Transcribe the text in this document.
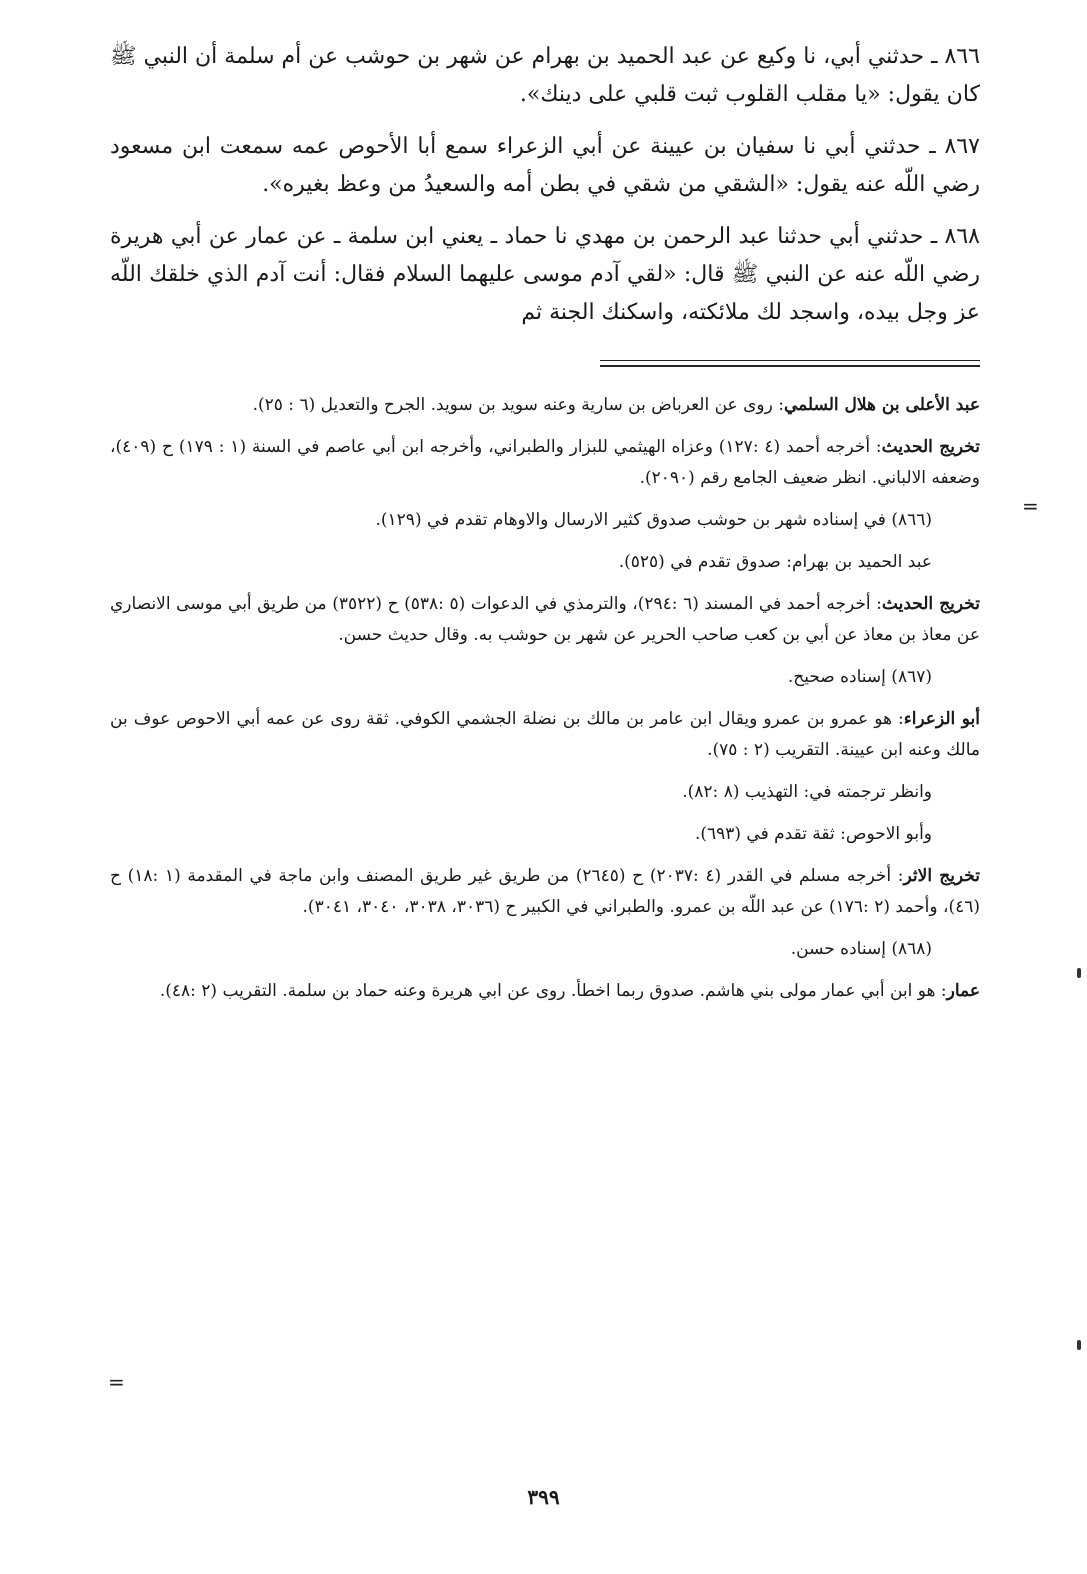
٨٦٦ ـ حدثني أبي، نا وكيع عن عبد الحميد بن بهرام عن شهر بن حوشب عن أم سلمة أن النبي ﷺ كان يقول: «يا مقلب القلوب ثبت قلبي على دينك».

٨٦٧ ـ حدثني أبي نا سفيان بن عيينة عن أبي الزعراء سمع أبا الأحوص عمه سمعت ابن مسعود رضي اللّه عنه يقول: «الشقي من شقي في بطن أمه والسعيدُ من وعظ بغيره».

٨٦٨ ـ حدثني أبي حدثنا عبد الرحمن بن مهدي نا حماد ـ يعني ابن سلمة ـ عن عمار عن أبي هريرة رضي اللّه عنه عن النبي ﷺ قال: «لقي آدم موسى عليهما السلام فقال: أنت آدم الذي خلقك اللّه عز وجل بيده، واسجد لك ملائكته، واسكنك الجنة ثم

عبد الأعلى بن هلال السلمي: روى عن العرباض بن سارية وعنه سويد بن سويد. الجرح والتعديل (٦ : ٢٥).

تخريج الحديث: أخرجه أحمد (٤ :١٢٧) وعزاه الهيثمي للبزار والطبراني، وأخرجه ابن أبي عاصم في السنة (١ : ١٧٩) ح (٤٠٩)، وضعفه الالباني. انظر ضعيف الجامع رقم (٢٠٩٠).

(٨٦٦) في إسناده شهر بن حوشب صدوق كثير الارسال والاوهام تقدم في (١٢٩).

عبد الحميد بن بهرام: صدوق تقدم في (٥٢٥).

تخريج الحديث: أخرجه أحمد في المسند (٦ :٢٩٤)، والترمذي في الدعوات (٥ :٥٣٨) ح (٣٥٢٢) من طريق أبي موسى الانصاري عن معاذ بن معاذ عن أبي بن كعب صاحب الحرير عن شهر بن حوشب به. وقال حديث حسن.

(٨٦٧) إسناده صحيح.

أبو الزعراء: هو عمرو بن عمرو ويقال ابن عامر بن مالك بن نضلة الجشمي الكوفي. ثقة روى عن عمه أبي الاحوص عوف بن مالك وعنه ابن عيينة. التقريب (٢ : ٧٥).

وانظر ترجمته في: التهذيب (٨ :٨٢).

وأبو الاحوص: ثقة تقدم في (٦٩٣).

تخريج الاثر: أخرجه مسلم في القدر (٤ :٢٠٣٧) ح (٢٦٤٥) من طريق غير طريق المصنف وابن ماجة في المقدمة (١ :١٨) ح (٤٦)، وأحمد (٢ :١٧٦) عن عبد اللّه بن عمرو. والطبراني في الكبير ح (٣٠٣٦، ٣٠٣٨، ٣٠٤٠، ٣٠٤١).

(٨٦٨) إسناده حسن.

عمار: هو ابن أبي عمار مولى بني هاشم. صدوق ربما اخطأ. روى عن ابي هريرة وعنه حماد بن سلمة. التقريب (٢ :٤٨).

=
=
٣٩٩
